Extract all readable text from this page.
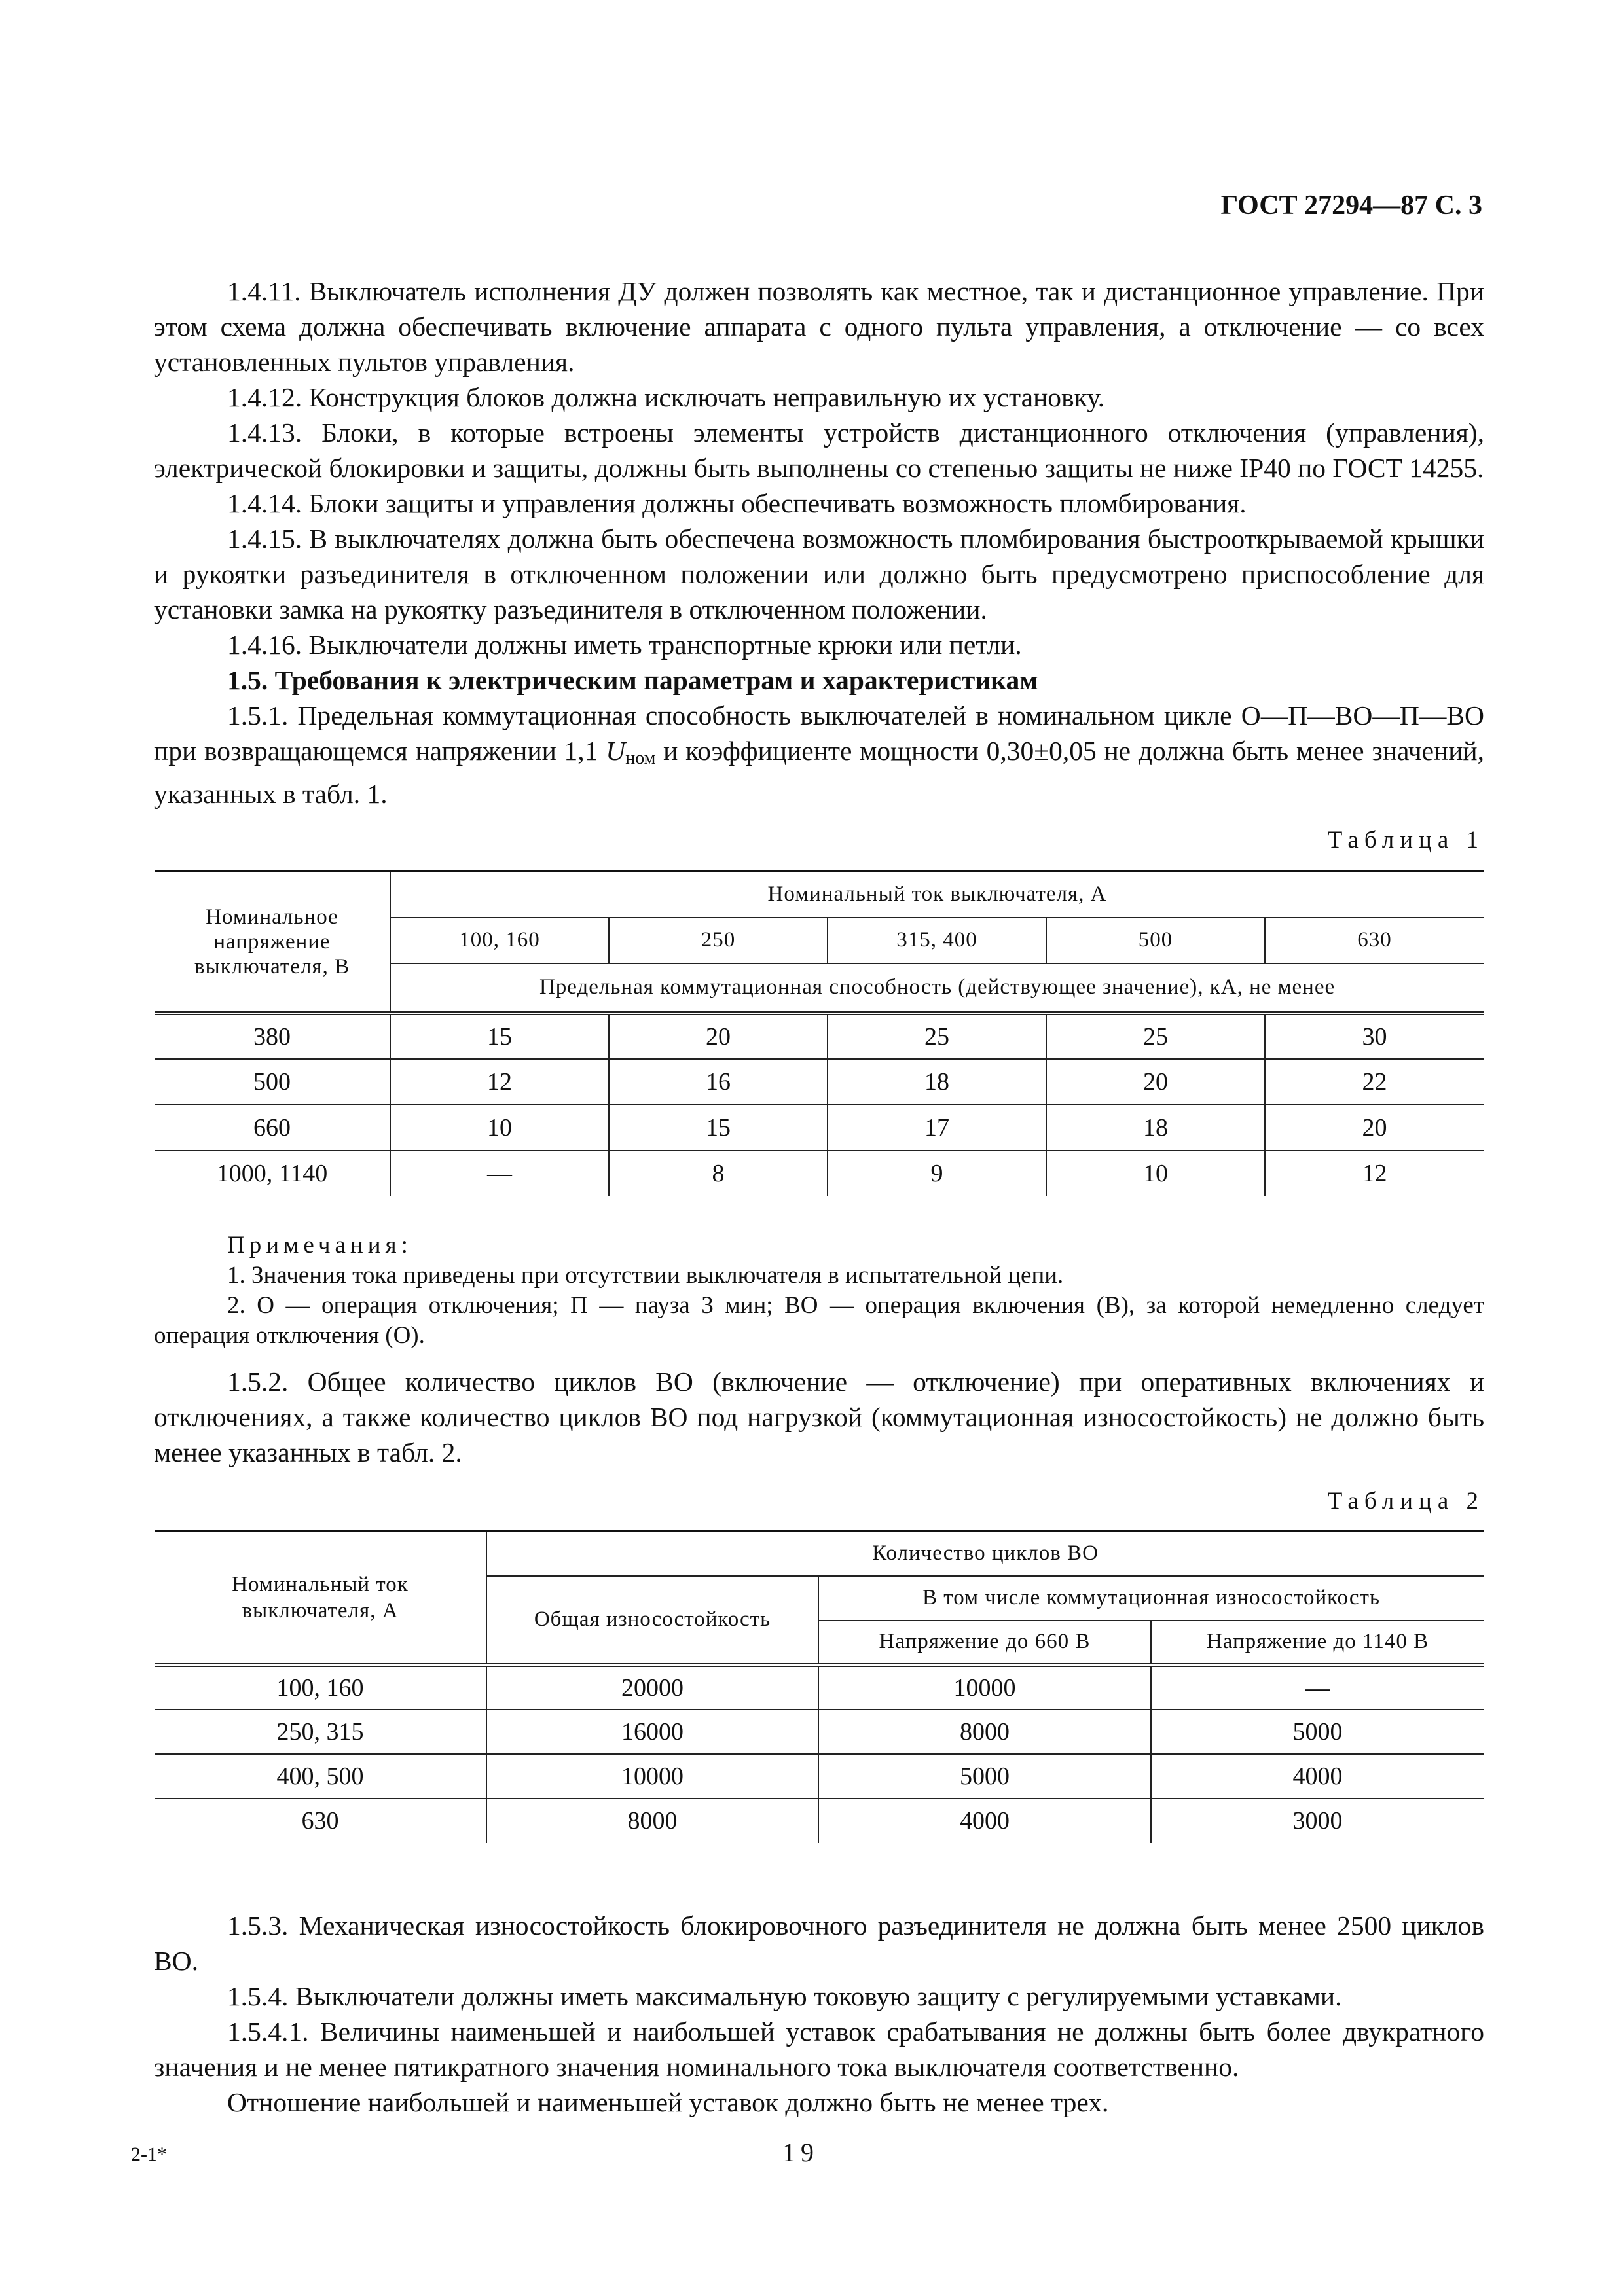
ГОСТ 27294—87 С. 3

1.4.11. Выключатель исполнения ДУ должен позволять как местное, так и дистанционное управление. При этом схема должна обеспечивать включение аппарата с одного пульта управления, а отключение — со всех установленных пультов управления.

1.4.12. Конструкция блоков должна исключать неправильную их установку.

1.4.13. Блоки, в которые встроены элементы устройств дистанционного отключения (управления), электрической блокировки и защиты, должны быть выполнены со степенью защиты не ниже IP40 по ГОСТ 14255.

1.4.14. Блоки защиты и управления должны обеспечивать возможность пломбирования.

1.4.15. В выключателях должна быть обеспечена возможность пломбирования быстрооткрываемой крышки и рукоятки разъединителя в отключенном положении или должно быть предусмотрено приспособление для установки замка на рукоятку разъединителя в отключенном положении.

1.4.16. Выключатели должны иметь транспортные крюки или петли.

1.5. Требования к электрическим параметрам и характеристикам

1.5.1. Предельная коммутационная способность выключателей в номинальном цикле О—П—ВО—П—ВО при возвращающемся напряжении 1,1 $U_{ном}$ и коэффициенте мощности 0,30±0,05 не должна быть менее значений, указанных в табл. 1.

Таблица 1
Номинальное напряжение выключателя, В	Номинальный ток выключателя, А				
	100, 160	250	315, 400	500	630
	Предельная коммутационная способность (действующее значение), кА, не менее				
380	15	20	25	25	30
500	12	16	18	20	22
660	10	15	17	18	20
1000, 1140	—	8	9	10	12
Примечания:

1. Значения тока приведены при отсутствии выключателя в испытательной цепи.

2. О — операция отключения; П — пауза 3 мин; ВО — операция включения (В), за которой немедленно следует операция отключения (О).

1.5.2. Общее количество циклов ВО (включение — отключение) при оперативных включениях и отключениях, а также количество циклов ВО под нагрузкой (коммутационная износостойкость) не должно быть менее указанных в табл. 2.

Таблица 2
Номинальный ток выключателя, А	Количество циклов ВО		
	Общая износостойкость	В том числе коммутационная износостойкость	
		Напряжение до 660 В	Напряжение до 1140 В
100, 160	20000	10000	—
250, 315	16000	8000	5000
400, 500	10000	5000	4000
630	8000	4000	3000

1.5.3. Механическая износостойкость блокировочного разъединителя не должна быть менее 2500 циклов ВО.

1.5.4. Выключатели должны иметь максимальную токовую защиту с регулируемыми уставками.

1.5.4.1. Величины наименьшей и наибольшей уставок срабатывания не должны быть более двукратного значения и не менее пятикратного значения номинального тока выключателя соответственно.

Отношение наибольшей и наименьшей уставок должно быть не менее трех.

2-1*	19
